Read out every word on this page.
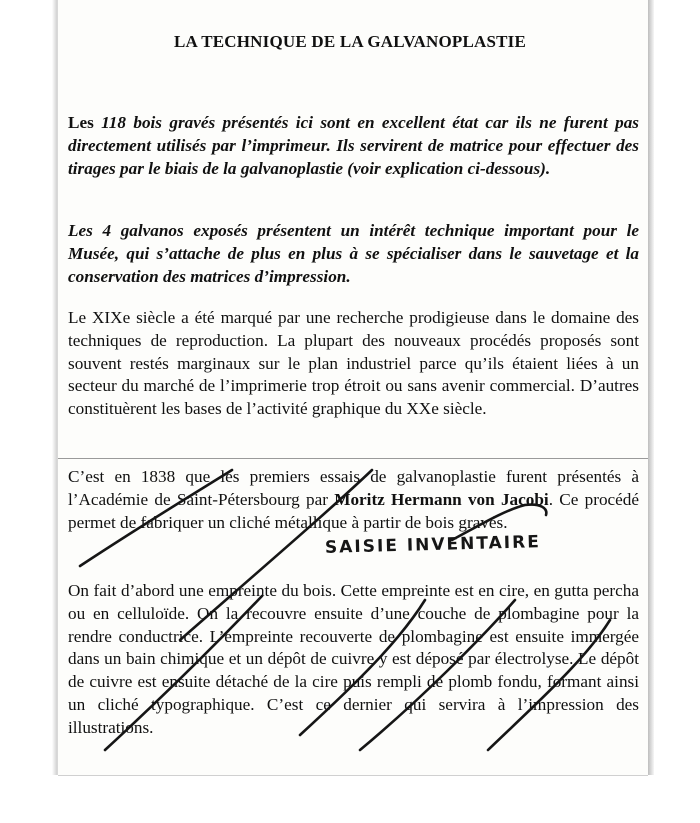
LA TECHNIQUE DE LA GALVANOPLASTIE
Les 118 bois gravés présentés ici sont en excellent état car ils ne furent pas directement utilisés par l’imprimeur. Ils servirent de matrice pour effectuer des tirages par le biais de la galvanoplastie (voir explication ci-dessous).
Les 4 galvanos exposés présentent un intérêt technique important pour le Musée, qui s’attache de plus en plus à se spécialiser dans le sauvetage et la conservation des matrices d’impression.
Le XIXe siècle a été marqué par une recherche prodigieuse dans le domaine des techniques de reproduction. La plupart des nouveaux procédés proposés sont souvent restés marginaux sur le plan industriel parce qu’ils étaient liées à un secteur du marché de l’imprimerie trop étroit ou sans avenir commercial. D’autres constituèrent les bases de l’activité graphique du XXe siècle.
C’est en 1838 que les premiers essais de galvanoplastie furent présentés à l’Académie de Saint-Pétersbourg par Moritz Hermann von Jacobi. Ce procédé permet de fabriquer un cliché métallique à partir de bois gravés.
On fait d’abord une empreinte du bois. Cette empreinte est en cire, en gutta percha ou en celluloïde. On la recouvre ensuite d’une couche de plombagine pour la rendre conductrice. L’empreinte recouverte de plombagine est ensuite immergée dans un bain chimique et un dépôt de cuivre y est déposé par électrolyse. Le dépôt de cuivre est ensuite détaché de la cire puis rempli de plomb fondu, formant ainsi un cliché typographique. C’est ce dernier qui servira à l’impression des illustrations.
SAISIE INVENTAIRE
